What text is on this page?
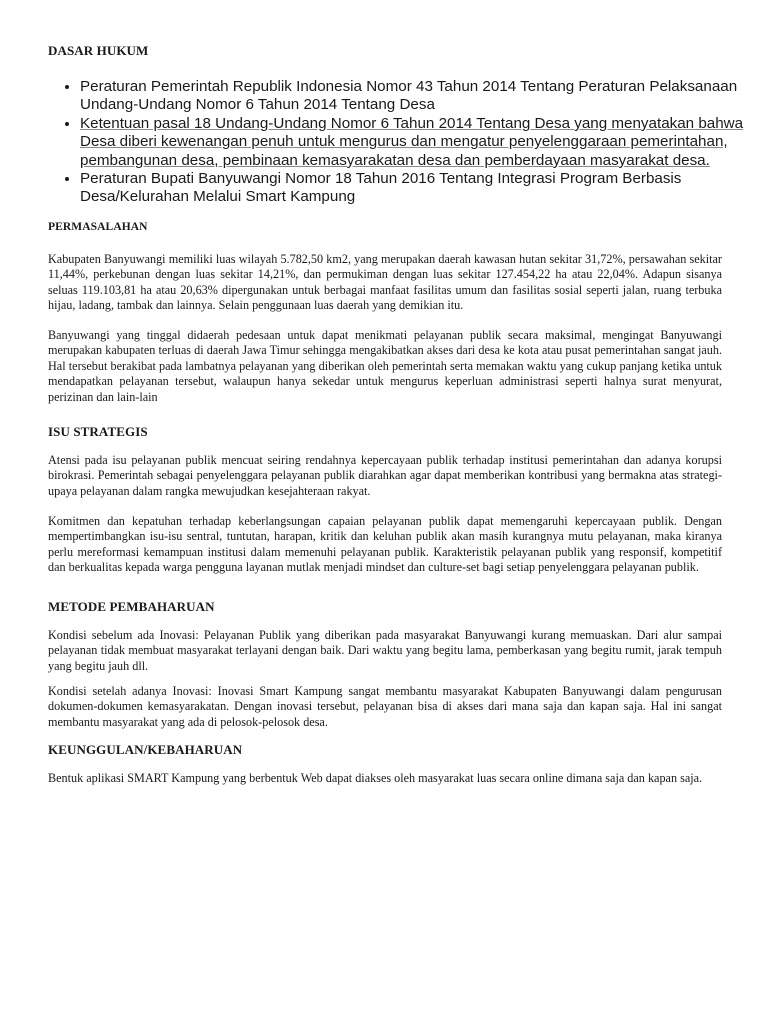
DASAR HUKUM
• Peraturan Pemerintah Republik Indonesia Nomor 43 Tahun 2014 Tentang Peraturan Pelaksanaan Undang-Undang Nomor 6 Tahun 2014 Tentang Desa
• Ketentuan pasal 18 Undang-Undang Nomor 6 Tahun 2014 Tentang Desa yang menyatakan bahwa Desa diberi kewenangan penuh untuk mengurus dan mengatur penyelenggaraan pemerintahan, pembangunan desa, pembinaan kemasyarakatan desa dan pemberdayaan masyarakat desa.
• Peraturan Bupati Banyuwangi Nomor 18 Tahun 2016 Tentang Integrasi Program Berbasis Desa/Kelurahan Melalui Smart Kampung
PERMASALAHAN

Kabupaten Banyuwangi memiliki luas wilayah 5.782,50 km2, yang merupakan daerah kawasan hutan sekitar 31,72%, persawahan sekitar 11,44%, perkebunan dengan luas sekitar 14,21%, dan permukiman dengan luas sekitar 127.454,22 ha atau 22,04%. Adapun sisanya seluas 119.103,81 ha atau 20,63% dipergunakan untuk berbagai manfaat fasilitas umum dan fasilitas sosial seperti jalan, ruang terbuka hijau, ladang, tambak dan lainnya. Selain penggunaan luas daerah yang demikian itu.

Banyuwangi yang tinggal didaerah pedesaan untuk dapat menikmati pelayanan publik secara maksimal, mengingat Banyuwangi merupakan kabupaten terluas di daerah Jawa Timur sehingga mengakibatkan akses dari desa ke kota atau pusat pemerintahan sangat jauh. Hal tersebut berakibat pada lambatnya pelayanan yang diberikan oleh pemerintah serta memakan waktu yang cukup panjang ketika untuk mendapatkan pelayanan tersebut, walaupun hanya sekedar untuk mengurus keperluan administrasi seperti halnya surat menyurat, perizinan dan lain-lain

ISU STRATEGIS

Atensi pada isu pelayanan publik mencuat seiring rendahnya kepercayaan publik terhadap institusi pemerintahan dan adanya korupsi birokrasi. Pemerintah sebagai penyelenggara pelayanan publik diarahkan agar dapat memberikan kontribusi yang bermakna atas strategi-upaya pelayanan dalam rangka mewujudkan kesejahteraan rakyat.

Komitmen dan kepatuhan terhadap keberlangsungan capaian pelayanan publik dapat memengaruhi kepercayaan publik. Dengan mempertimbangkan isu-isu sentral, tuntutan, harapan, kritik dan keluhan publik akan masih kurangnya mutu pelayanan, maka kiranya perlu mereformasi kemampuan institusi dalam memenuhi pelayanan publik. Karakteristik pelayanan publik yang responsif, kompetitif dan berkualitas kepada warga pengguna layanan mutlak menjadi mindset dan culture-set bagi setiap penyelenggara pelayanan publik.

METODE PEMBAHARUAN

Kondisi sebelum ada Inovasi: Pelayanan Publik yang diberikan pada masyarakat Banyuwangi kurang memuaskan. Dari alur sampai pelayanan tidak membuat masyarakat terlayani dengan baik. Dari waktu yang begitu lama, pemberkasan yang begitu rumit, jarak tempuh yang begitu jauh dll.

Kondisi setelah adanya Inovasi: Inovasi Smart Kampung sangat membantu masyarakat Kabupaten Banyuwangi dalam pengurusan dokumen-dokumen kemasyarakatan. Dengan inovasi tersebut, pelayanan bisa di akses dari mana saja dan kapan saja. Hal ini sangat membantu masyarakat yang ada di pelosok-pelosok desa.

KEUNGGULAN/KEBAHARUAN

Bentuk aplikasi SMART Kampung yang berbentuk Web dapat diakses oleh masyarakat luas secara online dimana saja dan kapan saja.
